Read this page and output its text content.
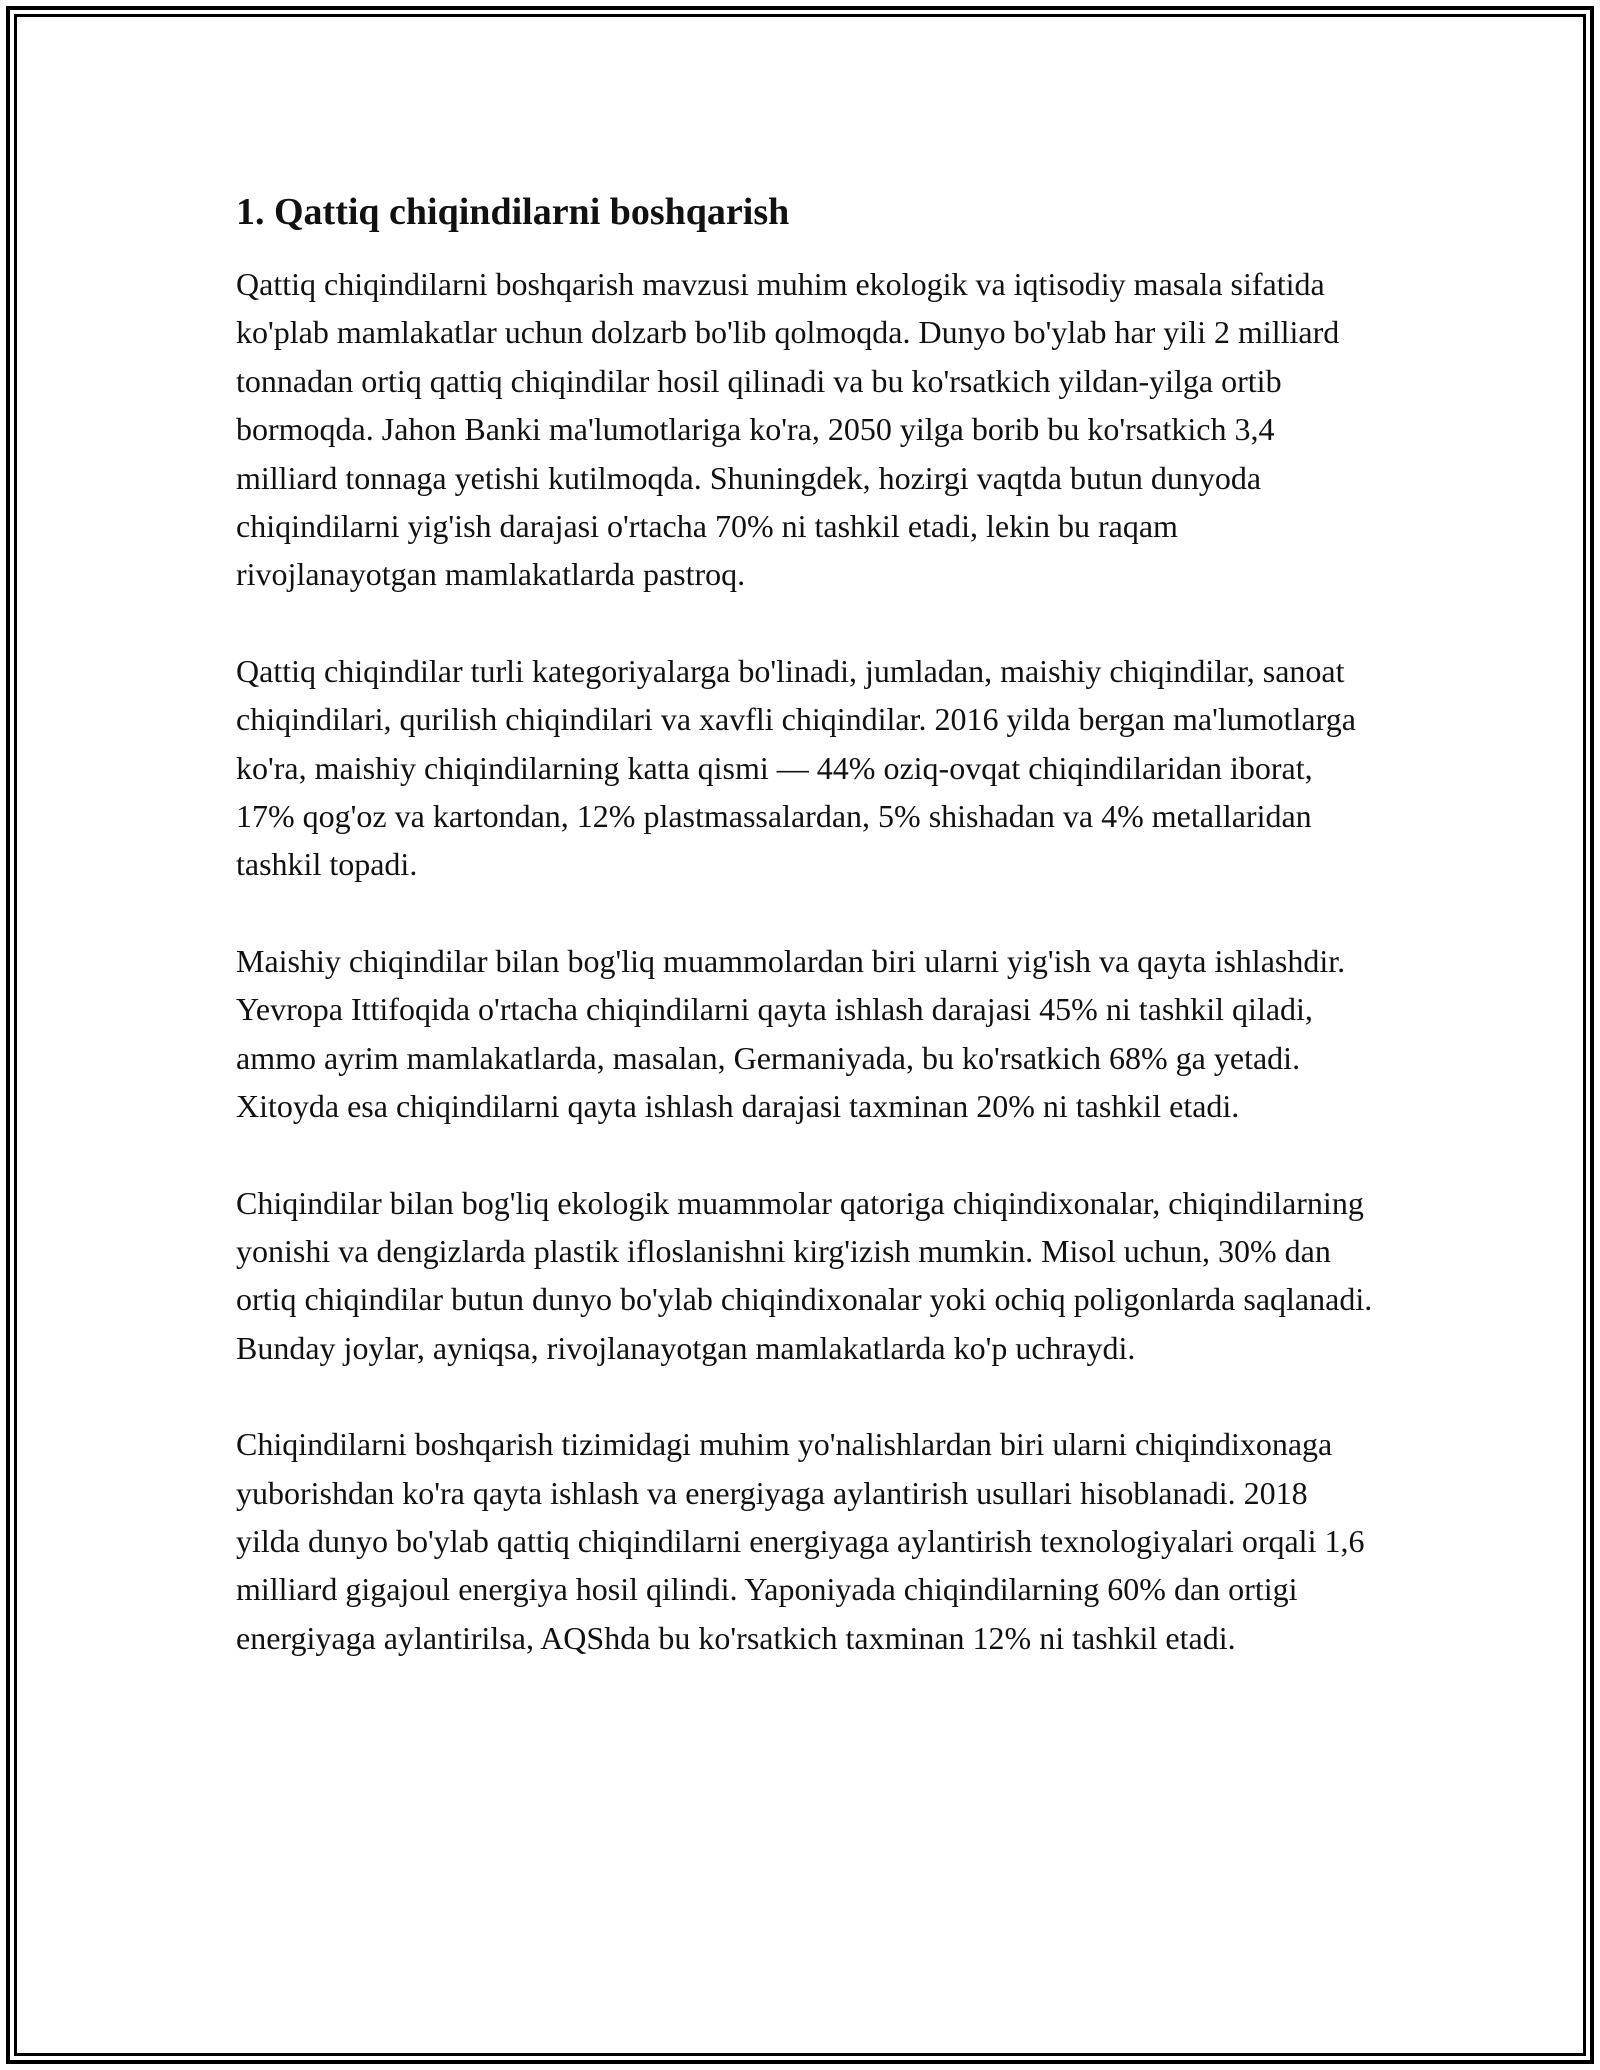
1. Qattiq chiqindilarni boshqarish

Qattiq chiqindilarni boshqarish mavzusi muhim ekologik va iqtisodiy masala sifatida ko'plab mamlakatlar uchun dolzarb bo'lib qolmoqda. Dunyo bo'ylab har yili 2 milliard tonnadan ortiq qattiq chiqindilar hosil qilinadi va bu ko'rsatkich yildan-yilga ortib bormoqda. Jahon Banki ma'lumotlariga ko'ra, 2050 yilga borib bu ko'rsatkich 3,4 milliard tonnaga yetishi kutilmoqda. Shuningdek, hozirgi vaqtda butun dunyoda chiqindilarni yig'ish darajasi o'rtacha 70% ni tashkil etadi, lekin bu raqam rivojlanayotgan mamlakatlarda pastroq.

Qattiq chiqindilar turli kategoriyalarga bo'linadi, jumladan, maishiy chiqindilar, sanoat chiqindilari, qurilish chiqindilari va xavfli chiqindilar. 2016 yilda bergan ma'lumotlarga ko'ra, maishiy chiqindilarning katta qismi — 44% oziq-ovqat chiqindilaridan iborat, 17% qog'oz va kartondan, 12% plastmassalardan, 5% shishadan va 4% metallaridan tashkil topadi.

Maishiy chiqindilar bilan bog'liq muammolardan biri ularni yig'ish va qayta ishlashdir. Yevropa Ittifoqida o'rtacha chiqindilarni qayta ishlash darajasi 45% ni tashkil qiladi, ammo ayrim mamlakatlarda, masalan, Germaniyada, bu ko'rsatkich 68% ga yetadi. Xitoyda esa chiqindilarni qayta ishlash darajasi taxminan 20% ni tashkil etadi.

Chiqindilar bilan bog'liq ekologik muammolar qatoriga chiqindixonalar, chiqindilarning yonishi va dengizlarda plastik ifloslanishni kirg'izish mumkin. Misol uchun, 30% dan ortiq chiqindilar butun dunyo bo'ylab chiqindixonalar yoki ochiq poligonlarda saqlanadi. Bunday joylar, ayniqsa, rivojlanayotgan mamlakatlarda ko'p uchraydi.

Chiqindilarni boshqarish tizimidagi muhim yo'nalishlardan biri ularni chiqindixonaga yuborishdan ko'ra qayta ishlash va energiyaga aylantirish usullari hisoblanadi. 2018 yilda dunyo bo'ylab qattiq chiqindilarni energiyaga aylantirish texnologiyalari orqali 1,6 milliard gigajoul energiya hosil qilindi. Yaponiyada chiqindilarning 60% dan ortigi energiyaga aylantirilsa, AQShda bu ko'rsatkich taxminan 12% ni tashkil etadi.
